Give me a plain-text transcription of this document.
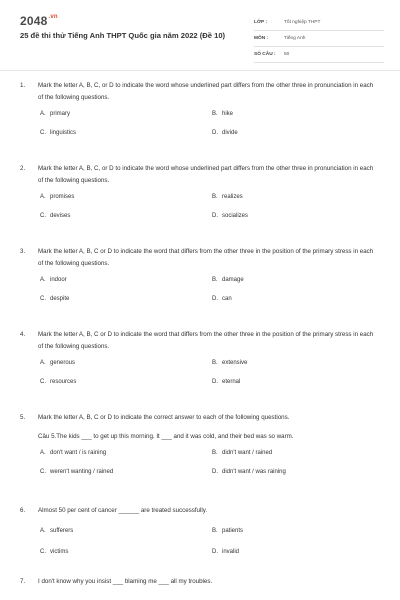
$2048^{.vn}$
25 đề thi thử Tiếng Anh THPT Quốc gia năm 2022 (Đề 10)
LỚP :	Tốt nghiệp THPT
MÔN :	Tiếng Anh
SỐ CÂU :	50
1.	Mark the letter A, B, C, or D to indicate the word whose underlined part differs from the other three in pronunciation in each of the following questions.
A. primary	B. hike
C. linguistics	D. divide
2.	Mark the letter A, B, C, or D to indicate the word whose underlined part differs from the other three in pronunciation in each of the following questions.
A. promises	B. realizes
C. devises	D. socializes
3.	Mark the letter A, B, C or D to indicate the word that differs from the other three in the position of the primary stress in each of the following questions.
A. indoor	B. damage
C. despite	D. can
4.	Mark the letter A, B, C or D to indicate the word that differs from the other three in the position of the primary stress in each of the following questions.
A. generous	B. extensive
C. resources	D. eternal
5.	Mark the letter A, B, C or D to indicate the correct answer to each of the following questions.
Câu 5.The kids ___ to get up this morning. It ___ and it was cold, and their bed was so warm.
A. don't want / is raining	B. didn't want / rained
C. weren't wanting / rained	D. didn't want / was raining
6.	Almost 50 per cent of cancer ______ are treated successfully.
A. sufferers	B. patients
C. victims	D. invalid
7.	I don't know why you insist ___ blaming me ___ all my troubles.
